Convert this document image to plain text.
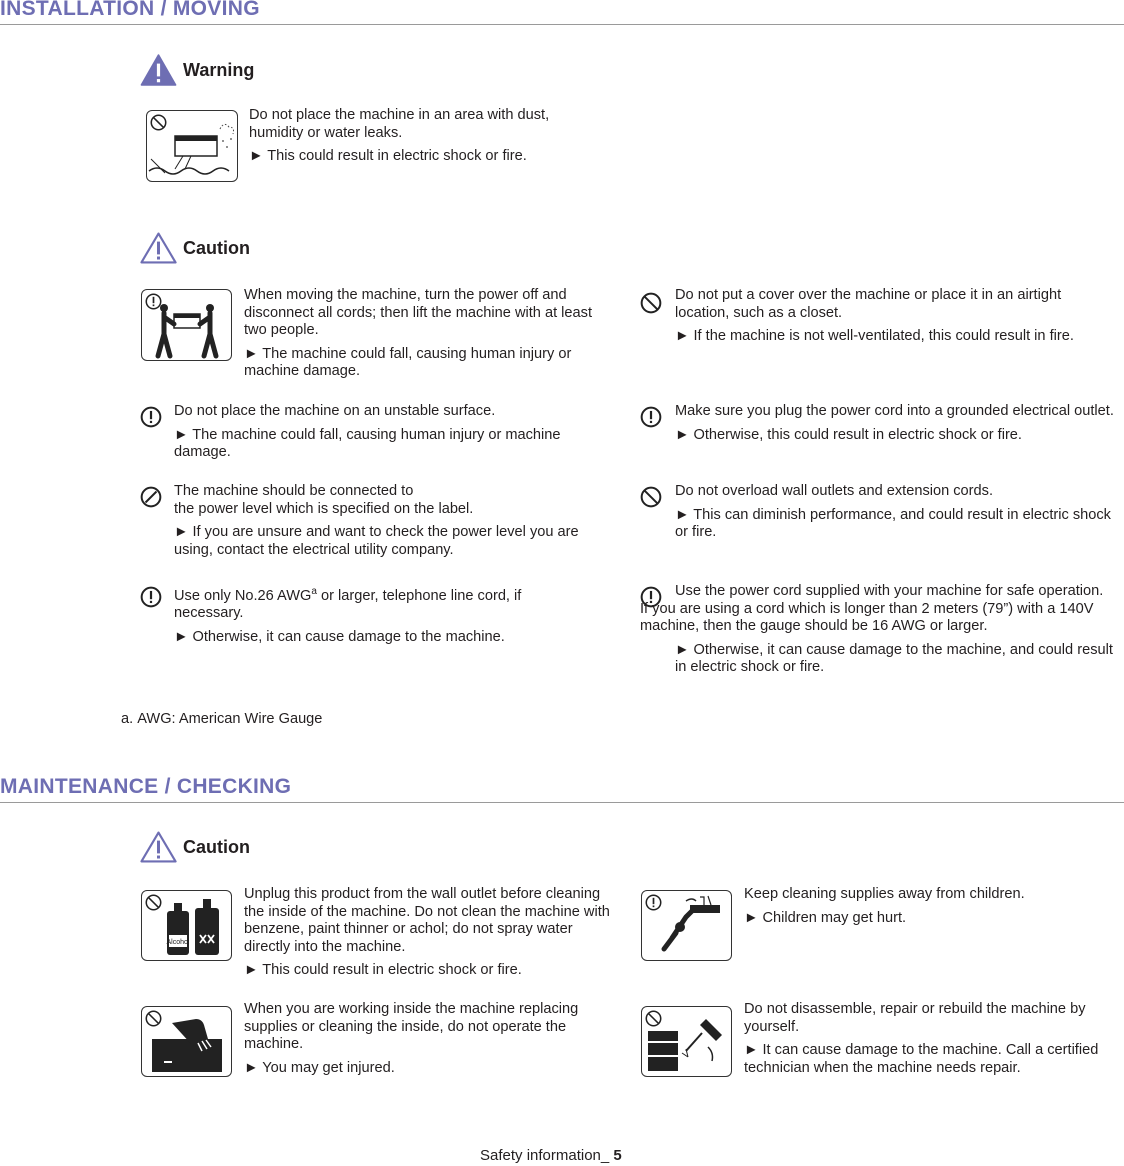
INSTALLATION / MOVING
Warning

Do not place the machine in an area with dust, humidity or water leaks.

► This could result in electric shock or fire.

Caution

When moving the machine, turn the power off and disconnect all cords; then lift the machine with at least two people.

► The machine could fall, causing human injury or machine damage.

Do not put a cover over the machine or place it in an airtight location, such as a closet.

► If the machine is not well-ventilated, this could result in fire.

Do not place the machine on an unstable surface.

► The machine could fall, causing human injury or machine damage.

Make sure you plug the power cord into a grounded electrical outlet.

► Otherwise, this could result in electric shock or fire.

The machine should be connected to
the power level which is specified on the label.

► If you are unsure and want to check the power level you are using, contact the electrical utility company.

Do not overload wall outlets and extension cords.

► This can diminish performance, and could result in electric shock or fire.

Use only No.26 AWG$^a$ or larger, telephone line cord, if necessary.

► Otherwise, it can cause damage to the machine.

Use the power cord supplied with your machine for safe operation. If you are using a cord which is longer than 2 meters (79”) with a 140V machine, then the gauge should be 16 AWG or larger.

► Otherwise, it can cause damage to the machine, and could result in electric shock or fire.

a. AWG: American Wire Gauge
MAINTENANCE / CHECKING
Caution
Alcohol

Unplug this product from the wall outlet before cleaning the inside of the machine. Do not clean the machine with benzene, paint thinner or achol; do not spray water directly into the machine.

► This could result in electric shock or fire.

Keep cleaning supplies away from children.

► Children may get hurt.

When you are working inside the machine replacing supplies or cleaning the inside, do not operate the machine.

► You may get injured.

Do not disassemble, repair or rebuild the machine by yourself.

► It can cause damage to the machine. Call a certified technician when the machine needs repair.

Safety information_ 5
